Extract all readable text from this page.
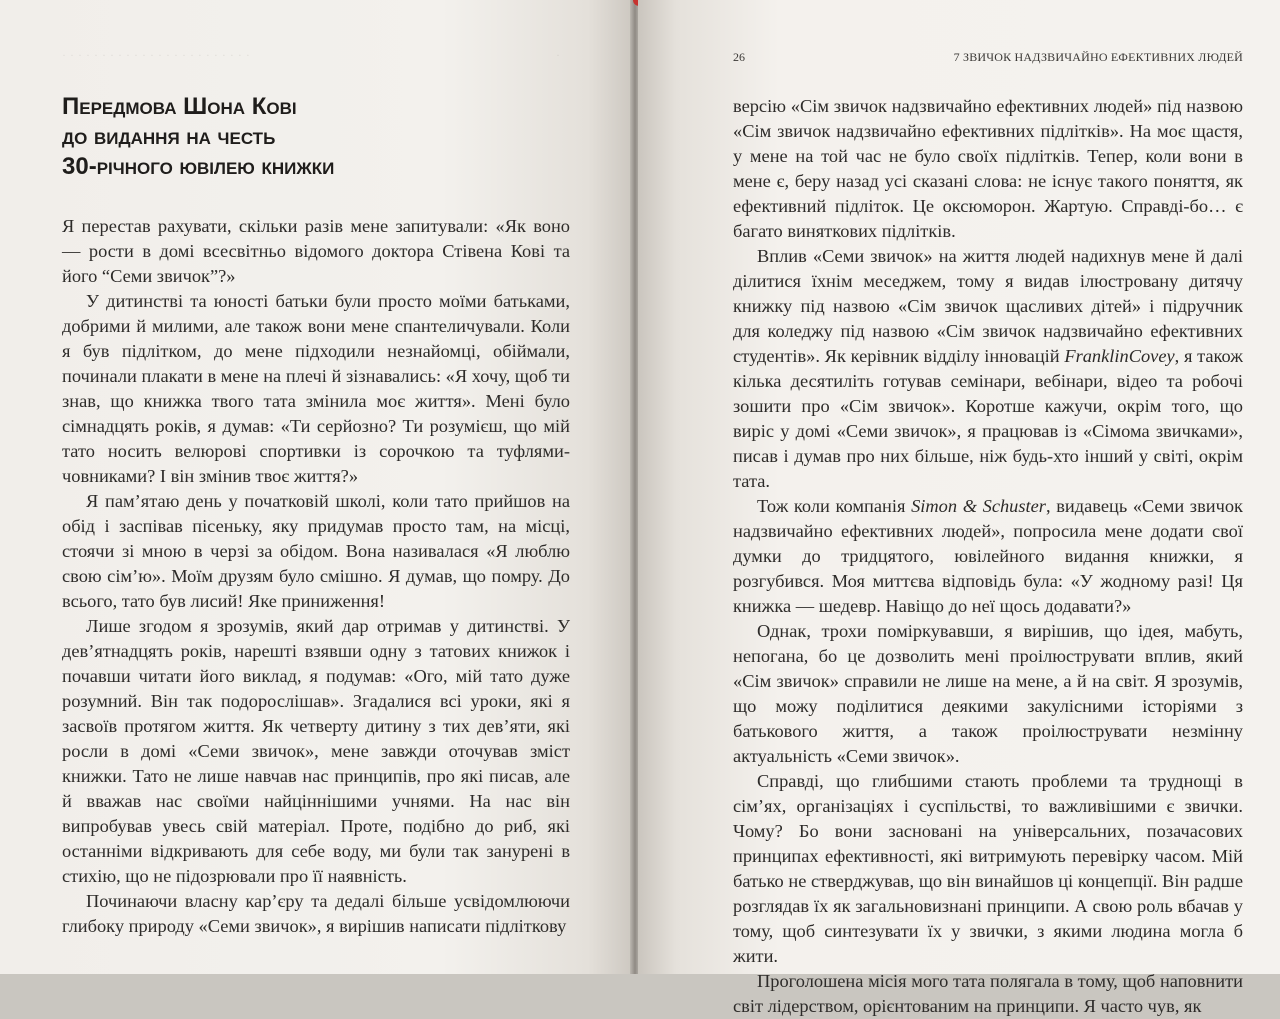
· · · · · · · · · · · · · · · · · · · · · · · ·	·
Передмова Шона Кові
до видання на честь
30-річного ювілею книжки

Я перестав рахувати, скільки разів мене запитували: «Як воно — рости в домі всесвітньо відомого доктора Стівена Кові та його “Семи звичок”?»

У дитинстві та юності батьки були просто моїми батьками, добрими й милими, але також вони мене спантеличували. Коли я був підлітком, до мене підходили незнайомці, обіймали, починали плакати в мене на плечі й зізнавались: «Я хочу, щоб ти знав, що книжка твого тата змінила моє життя». Мені було сімнадцять років, я думав: «Ти серйозно? Ти розумієш, що мій тато носить велюрові спортивки із сорочкою та туфлями-човниками? І він змінив твоє життя?»

Я пам’ятаю день у початковій школі, коли тато прийшов на обід і заспівав пісеньку, яку придумав просто там, на місці, стоячи зі мною в черзі за обідом. Вона називалася «Я люблю свою сім’ю». Моїм друзям було смішно. Я думав, що помру. До всього, тато був лисий! Яке приниження!

Лише згодом я зрозумів, який дар отримав у дитинстві. У дев’ятнадцять років, нарешті взявши одну з татових книжок і почавши читати його виклад, я подумав: «Ого, мій тато дуже розумний. Він так подорослішав». Згадалися всі уроки, які я засвоїв протягом життя. Як четверту дитину з тих дев’яти, які росли в домі «Семи звичок», мене завжди оточував зміст книжки. Тато не лише навчав нас принципів, про які писав, але й вважав нас своїми найціннішими учнями. На нас він випробував увесь свій матеріал. Проте, подібно до риб, які останніми відкривають для себе воду, ми були так занурені в стихію, що не підозрювали про її наявність.

Починаючи власну кар’єру та дедалі більше усвідомлюючи глибоку природу «Семи звичок», я вирішив написати підліткову

26	7 ЗВИЧОК НАДЗВИЧАЙНО ЕФЕКТИВНИХ ЛЮДЕЙ

версію «Сім звичок надзвичайно ефективних людей» під назвою «Сім звичок надзвичайно ефективних підлітків». На моє щастя, у мене на той час не було своїх підлітків. Тепер, коли вони в мене є, беру назад усі сказані слова: не існує такого поняття, як ефективний підліток. Це оксюморон. Жартую. Справді-бо… є багато виняткових підлітків.

Вплив «Семи звичок» на життя людей надихнув мене й далі ділитися їхнім меседжем, тому я видав ілюстровану дитячу книжку під назвою «Сім звичок щасливих дітей» і підручник для коледжу під назвою «Сім звичок надзвичайно ефективних студентів». Як керівник відділу інновацій FranklinCovey, я також кілька десятиліть готував семінари, вебінари, відео та робочі зошити про «Сім звичок». Коротше кажучи, окрім того, що виріс у домі «Семи звичок», я працював із «Сімома звичками», писав і думав про них більше, ніж будь-хто інший у світі, окрім тата.

Тож коли компанія Simon & Schuster, видавець «Семи звичок надзвичайно ефективних людей», попросила мене додати свої думки до тридцятого, ювілейного видання книжки, я розгубився. Моя миттєва відповідь була: «У жодному разі! Ця книжка — шедевр. Навіщо до неї щось додавати?»

Однак, трохи поміркувавши, я вирішив, що ідея, мабуть, непогана, бо це дозволить мені проілюструвати вплив, який «Сім звичок» справили не лише на мене, а й на світ. Я зрозумів, що можу поділитися деякими закулісними історіями з батькового життя, а також проілюструвати незмінну актуальність «Семи звичок».

Справді, що глибшими стають проблеми та труднощі в сім’ях, організаціях і суспільстві, то важливішими є звички. Чому? Бо вони засновані на універсальних, позачасових принципах ефективності, які витримують перевірку часом. Мій батько не стверджував, що він винайшов ці концепції. Він радше розглядав їх як загальновизнані принципи. А свою роль вбачав у тому, щоб синтезувати їх у звички, з якими людина могла б жити.

Проголошена місія мого тата полягала в тому, щоб наповнити світ лідерством, орієнтованим на принципи. Я часто чув, як
